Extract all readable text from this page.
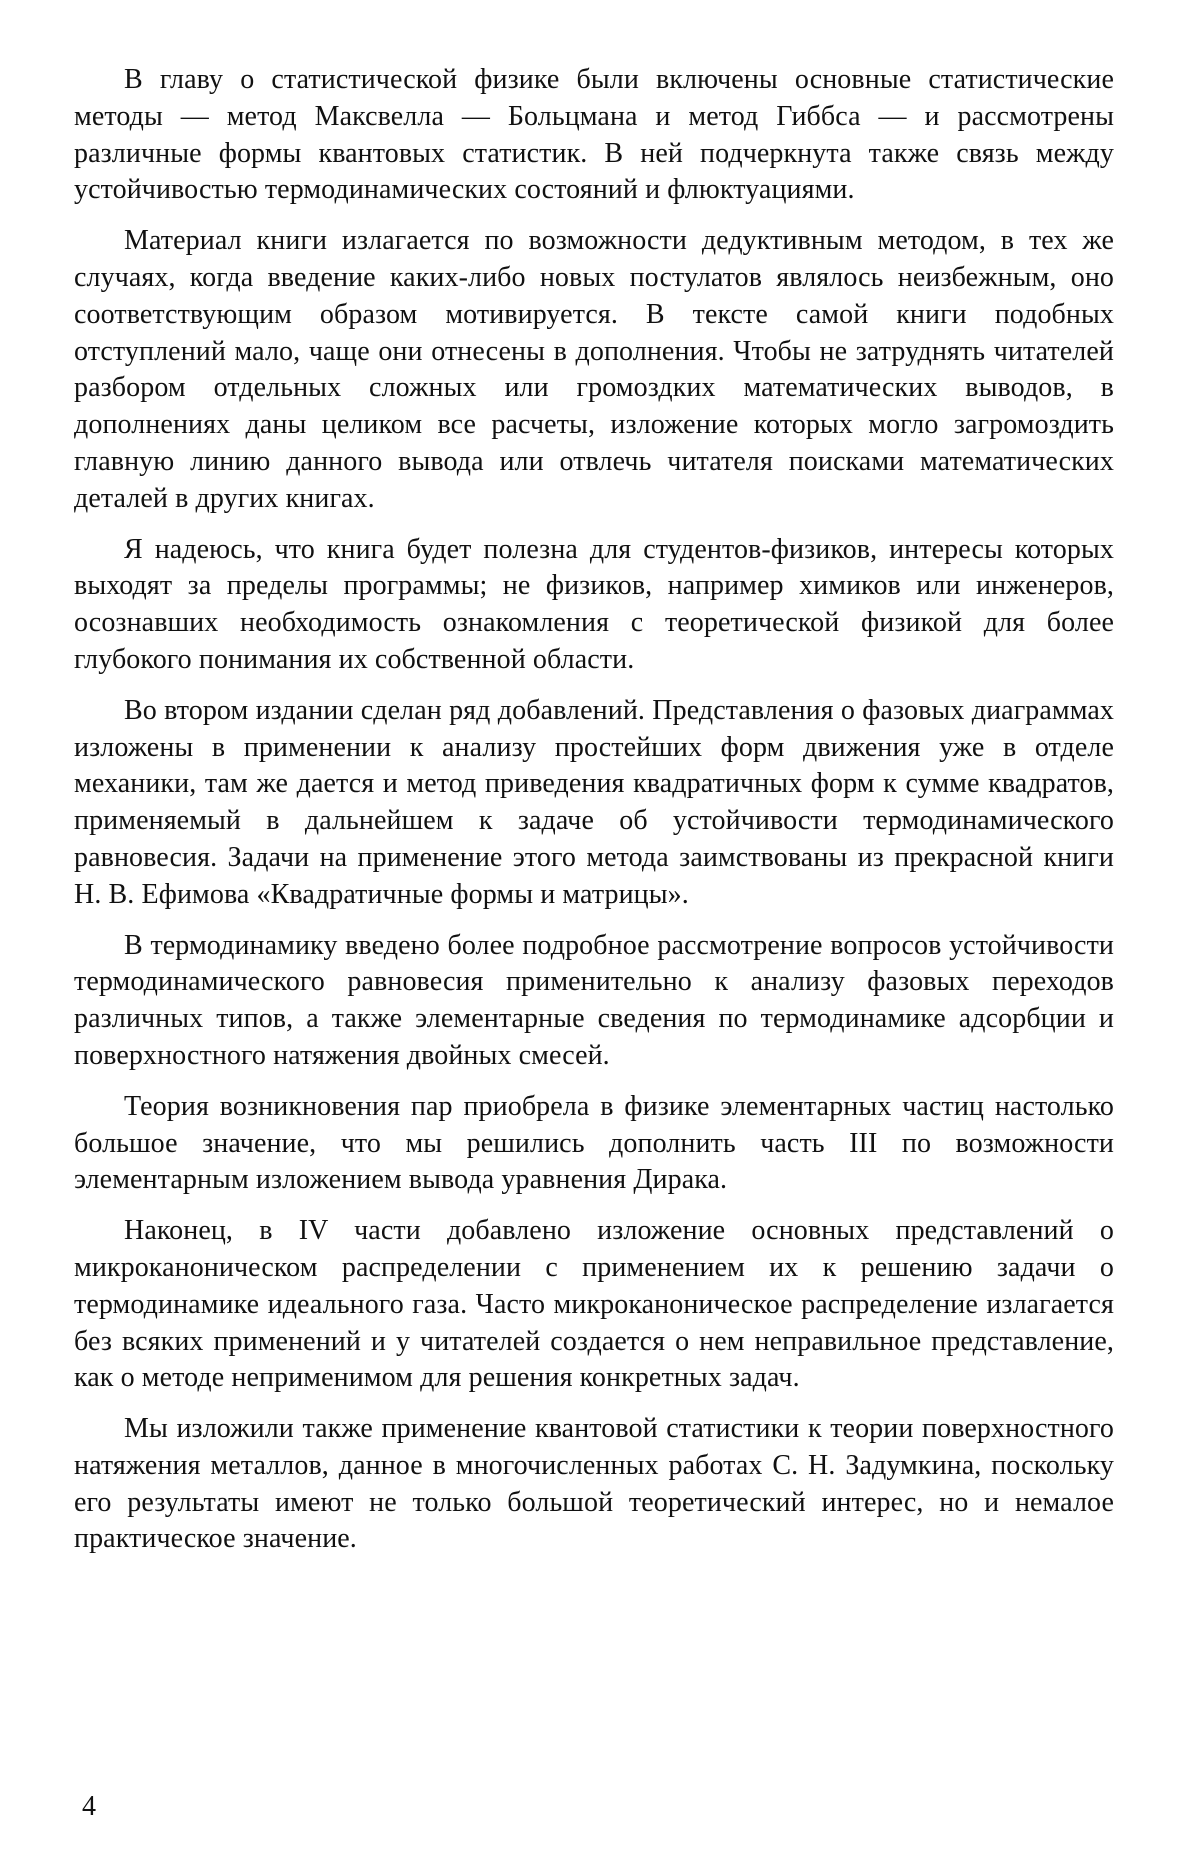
В главу о статистической физике были включены основные статистические методы — метод Максвелла — Больцмана и метод Гиббса — и рассмотрены различные формы квантовых статистик. В ней подчеркнута также связь между устойчивостью термодинамических состояний и флюктуациями.

Материал книги излагается по возможности дедуктивным методом, в тех же случаях, когда введение каких-либо новых постулатов являлось неизбежным, оно соответствующим образом мотивируется. В тексте самой книги подобных отступлений мало, чаще они отнесены в дополнения. Чтобы не затруднять читателей разбором отдельных сложных или громоздких математических выводов, в дополнениях даны целиком все расчеты, изложение которых могло загромоздить главную линию данного вывода или отвлечь читателя поисками математических деталей в других книгах.

Я надеюсь, что книга будет полезна для студентов-физиков, интересы которых выходят за пределы программы; не физиков, например химиков или инженеров, осознавших необходимость ознакомления с теоретической физикой для более глубокого понимания их собственной области.

Во втором издании сделан ряд добавлений. Представления о фазовых диаграммах изложены в применении к анализу простейших форм движения уже в отделе механики, там же дается и метод приведения квадратичных форм к сумме квадратов, применяемый в дальнейшем к задаче об устойчивости термодинамического равновесия. Задачи на применение этого метода заимствованы из прекрасной книги Н. В. Ефимова «Квадратичные формы и матрицы».

В термодинамику введено более подробное рассмотрение вопросов устойчивости термодинамического равновесия применительно к анализу фазовых переходов различных типов, а также элементарные сведения по термодинамике адсорбции и поверхностного натяжения двойных смесей.

Теория возникновения пар приобрела в физике элементарных частиц настолько большое значение, что мы решились дополнить часть III по возможности элементарным изложением вывода уравнения Дирака.

Наконец, в IV части добавлено изложение основных представлений о микроканоническом распределении с применением их к решению задачи о термодинамике идеального газа. Часто микроканоническое распределение излагается без всяких применений и у читателей создается о нем неправильное представление, как о методе неприменимом для решения конкретных задач.

Мы изложили также применение квантовой статистики к теории поверхностного натяжения металлов, данное в многочисленных работах С. Н. Задумкина, поскольку его результаты имеют не только большой теоретический интерес, но и немалое практическое значение.

4
